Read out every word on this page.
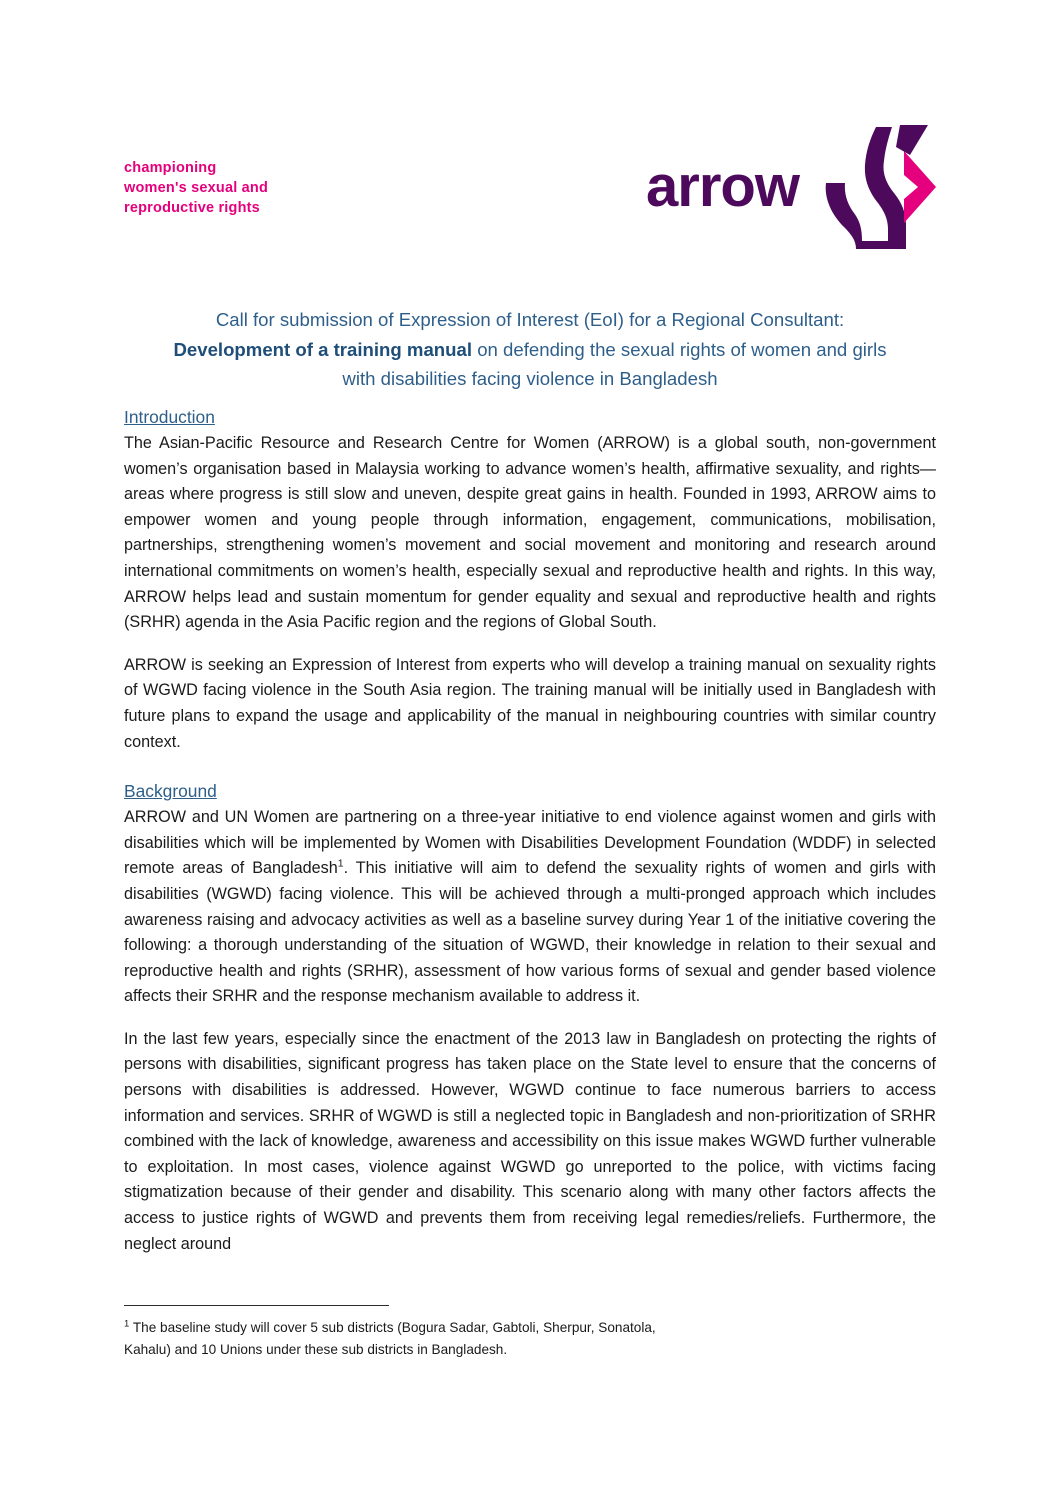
championing
women's sexual and
reproductive rights	arrow
Call for submission of Expression of Interest (EoI) for a Regional Consultant:
Development of a training manual on defending the sexual rights of women and girls
with disabilities facing violence in Bangladesh
Introduction

The Asian-Pacific Resource and Research Centre for Women (ARROW) is a global south, non-government women’s organisation based in Malaysia working to advance women’s health, affirmative sexuality, and rights—areas where progress is still slow and uneven, despite great gains in health. Founded in 1993, ARROW aims to empower women and young people through information, engagement, communications, mobilisation, partnerships, strengthening women’s movement and social movement and monitoring and research around international commitments on women’s health, especially sexual and reproductive health and rights. In this way, ARROW helps lead and sustain momentum for gender equality and sexual and reproductive health and rights (SRHR) agenda in the Asia Pacific region and the regions of Global South.

ARROW is seeking an Expression of Interest from experts who will develop a training manual on sexuality rights of WGWD facing violence in the South Asia region. The training manual will be initially used in Bangladesh with future plans to expand the usage and applicability of the manual in neighbouring countries with similar country context.

Background

ARROW and UN Women are partnering on a three-year initiative to end violence against women and girls with disabilities which will be implemented by Women with Disabilities Development Foundation (WDDF) in selected remote areas of Bangladesh$^1$. This initiative will aim to defend the sexuality rights of women and girls with disabilities (WGWD) facing violence. This will be achieved through a multi-pronged approach which includes awareness raising and advocacy activities as well as a baseline survey during Year 1 of the initiative covering the following: a thorough understanding of the situation of WGWD, their knowledge in relation to their sexual and reproductive health and rights (SRHR), assessment of how various forms of sexual and gender based violence affects their SRHR and the response mechanism available to address it.

In the last few years, especially since the enactment of the 2013 law in Bangladesh on protecting the rights of persons with disabilities, significant progress has taken place on the State level to ensure that the concerns of persons with disabilities is addressed. However, WGWD continue to face numerous barriers to access information and services. SRHR of WGWD is still a neglected topic in Bangladesh and non-prioritization of SRHR combined with the lack of knowledge, awareness and accessibility on this issue makes WGWD further vulnerable to exploitation. In most cases, violence against WGWD go unreported to the police, with victims facing stigmatization because of their gender and disability. This scenario along with many other factors affects the access to justice rights of WGWD and prevents them from receiving legal remedies/reliefs. Furthermore, the neglect around

$^1$ The baseline study will cover 5 sub districts (Bogura Sadar, Gabtoli, Sherpur, Sonatola,
Kahalu) and 10 Unions under these sub districts in Bangladesh.
